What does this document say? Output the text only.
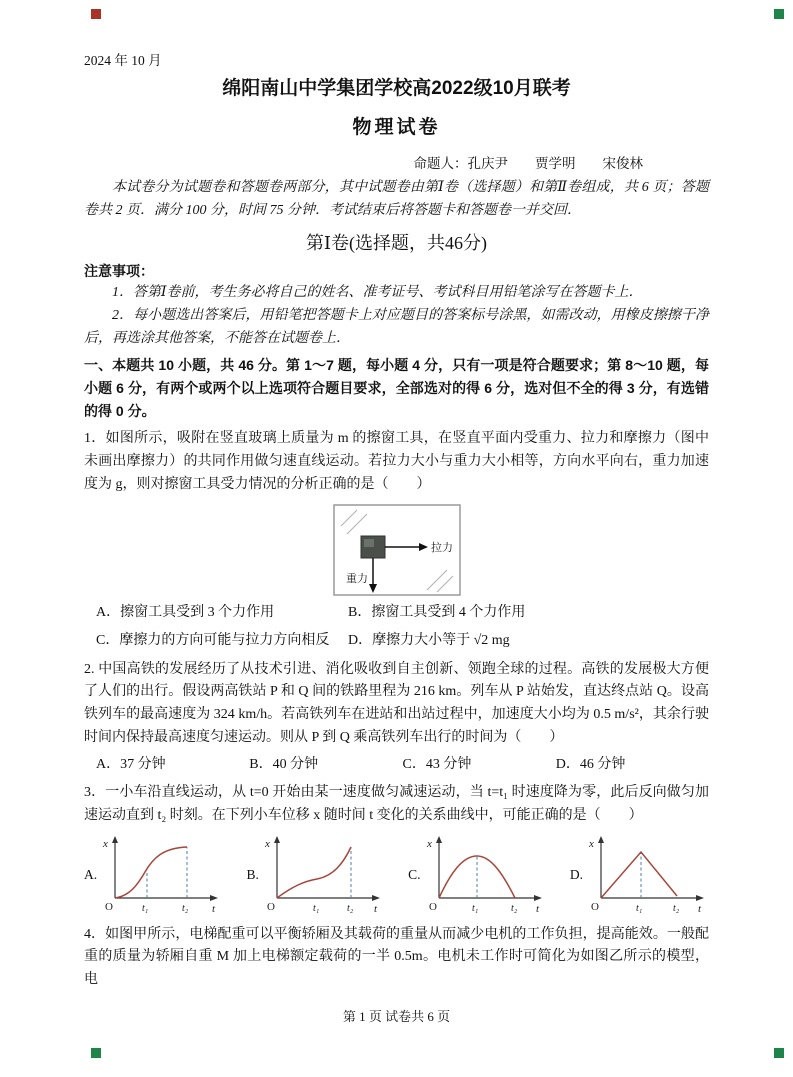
2024 年 10 月
绵阳南山中学集团学校高2022级10月联考
物理试卷
命题人：孔庆尹　　贾学明　　宋俊林

本试卷分为试题卷和答题卷两部分，其中试题卷由第Ⅰ卷（选择题）和第Ⅱ卷组成，共 6 页；答题卷共 2 页．满分 100 分，时间 75 分钟．考试结束后将答题卡和答题卷一并交回．

第Ⅰ卷(选择题，共46分)
注意事项：

1．答第Ⅰ卷前，考生务必将自己的姓名、准考证号、考试科目用铅笔涂写在答题卡上．

2．每小题选出答案后，用铅笔把答题卡上对应题目的答案标号涂黑，如需改动，用橡皮擦擦干净后，再选涂其他答案，不能答在试题卷上．

一、本题共 10 小题，共 46 分。第 1～7 题，每小题 4 分，只有一项是符合题要求；第 8～10 题，每小题 6 分，有两个或两个以上选项符合题目要求，全部选对的得 6 分，选对但不全的得 3 分，有选错的得 0 分。

1．如图所示，吸附在竖直玻璃上质量为 m 的擦窗工具，在竖直平面内受重力、拉力和摩擦力（图中未画出摩擦力）的共同作用做匀速直线运动。若拉力大小与重力大小相等，方向水平向右，重力加速度为 g，则对擦窗工具受力情况的分析正确的是（　　）

拉力
重力
A．擦窗工具受到 3 个力作用	B．擦窗工具受到 4 个力作用
C．摩擦力的方向可能与拉力方向相反	D．摩擦力大小等于 √2 mg

2. 中国高铁的发展经历了从技术引进、消化吸收到自主创新、领跑全球的过程。高铁的发展极大方便了人们的出行。假设两高铁站 P 和 Q 间的铁路里程为 216 km。列车从 P 站始发，直达终点站 Q。设高铁列车的最高速度为 324 km/h。若高铁列车在进站和出站过程中，加速度大小均为 0.5 m/s²，其余行驶时间内保持最高速度匀速运动。则从 P 到 Q 乘高铁列车出行的时间为（　　）

A．37 分钟	B．40 分钟	C．43 分钟	D．46 分钟

3．一小车沿直线运动，从 t=0 开始由某一速度做匀减速运动，当 t=t₁ 时速度降为零，此后反向做匀加速运动直到 t₂ 时刻。在下列小车位移 x 随时间 t 变化的关系曲线中，可能正确的是（　　）

A.
x
t
O	t₁	t₂
B.
x
t
O	t₁	t₂
C.
x
t
O	t₁	t₂
D.
x
t
O	t₁	t₂

4．如图甲所示，电梯配重可以平衡轿厢及其载荷的重量从而减少电机的工作负担，提高能效。一般配重的质量为轿厢自重 M 加上电梯额定载荷的一半 0.5m。电机未工作时可简化为如图乙所示的模型，电

第 1 页 试卷共 6 页
